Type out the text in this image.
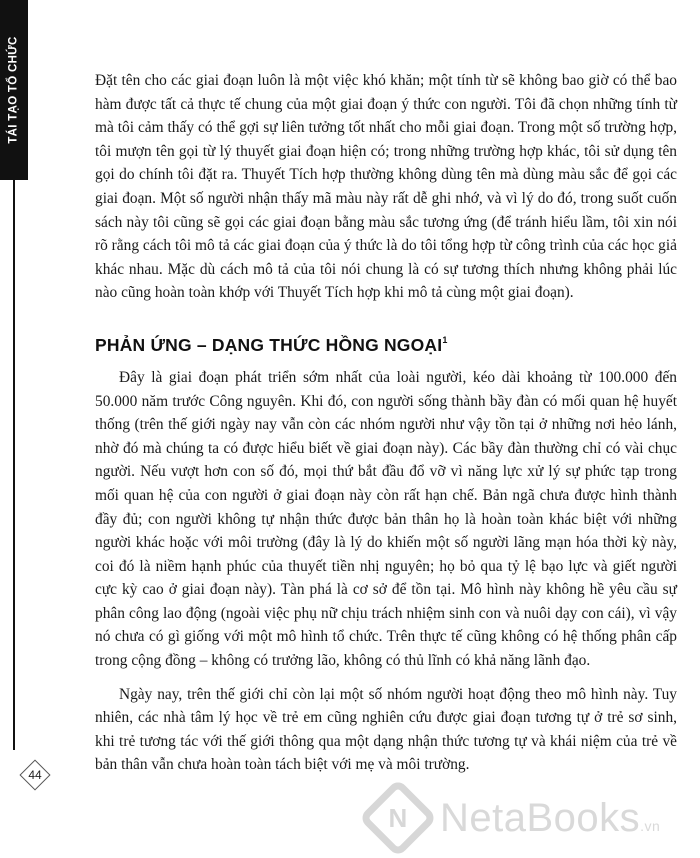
TÁI TẠO TỔ CHỨC
44

Đặt tên cho các giai đoạn luôn là một việc khó khăn; một tính từ sẽ không bao giờ có thể bao hàm được tất cả thực tế chung của một giai đoạn ý thức con người. Tôi đã chọn những tính từ mà tôi cảm thấy có thể gợi sự liên tưởng tốt nhất cho mỗi giai đoạn. Trong một số trường hợp, tôi mượn tên gọi từ lý thuyết giai đoạn hiện có; trong những trường hợp khác, tôi sử dụng tên gọi do chính tôi đặt ra. Thuyết Tích hợp thường không dùng tên mà dùng màu sắc để gọi các giai đoạn. Một số người nhận thấy mã màu này rất dễ ghi nhớ, và vì lý do đó, trong suốt cuốn sách này tôi cũng sẽ gọi các giai đoạn bằng màu sắc tương ứng (để tránh hiểu lầm, tôi xin nói rõ rằng cách tôi mô tả các giai đoạn của ý thức là do tôi tổng hợp từ công trình của các học giả khác nhau. Mặc dù cách mô tả của tôi nói chung là có sự tương thích nhưng không phải lúc nào cũng hoàn toàn khớp với Thuyết Tích hợp khi mô tả cùng một giai đoạn).

PHẢN ỨNG – DẠNG THỨC HỒNG NGOẠI$^1$

Đây là giai đoạn phát triển sớm nhất của loài người, kéo dài khoảng từ 100.000 đến 50.000 năm trước Công nguyên. Khi đó, con người sống thành bầy đàn có mối quan hệ huyết thống (trên thế giới ngày nay vẫn còn các nhóm người như vậy tồn tại ở những nơi hẻo lánh, nhờ đó mà chúng ta có được hiểu biết về giai đoạn này). Các bầy đàn thường chỉ có vài chục người. Nếu vượt hơn con số đó, mọi thứ bắt đầu đổ vỡ vì năng lực xử lý sự phức tạp trong mối quan hệ của con người ở giai đoạn này còn rất hạn chế. Bản ngã chưa được hình thành đầy đủ; con người không tự nhận thức được bản thân họ là hoàn toàn khác biệt với những người khác hoặc với môi trường (đây là lý do khiến một số người lãng mạn hóa thời kỳ này, coi đó là niềm hạnh phúc của thuyết tiền nhị nguyên; họ bỏ qua tỷ lệ bạo lực và giết người cực kỳ cao ở giai đoạn này). Tàn phá là cơ sở để tồn tại. Mô hình này không hề yêu cầu sự phân công lao động (ngoài việc phụ nữ chịu trách nhiệm sinh con và nuôi dạy con cái), vì vậy nó chưa có gì giống với một mô hình tổ chức. Trên thực tế cũng không có hệ thống phân cấp trong cộng đồng – không có trưởng lão, không có thủ lĩnh có khả năng lãnh đạo.

Ngày nay, trên thế giới chỉ còn lại một số nhóm người hoạt động theo mô hình này. Tuy nhiên, các nhà tâm lý học về trẻ em cũng nghiên cứu được giai đoạn tương tự ở trẻ sơ sinh, khi trẻ tương tác với thế giới thông qua một dạng nhận thức tương tự và khái niệm của trẻ về bản thân vẫn chưa hoàn toàn tách biệt với mẹ và môi trường.

N NetaBooks.vn
